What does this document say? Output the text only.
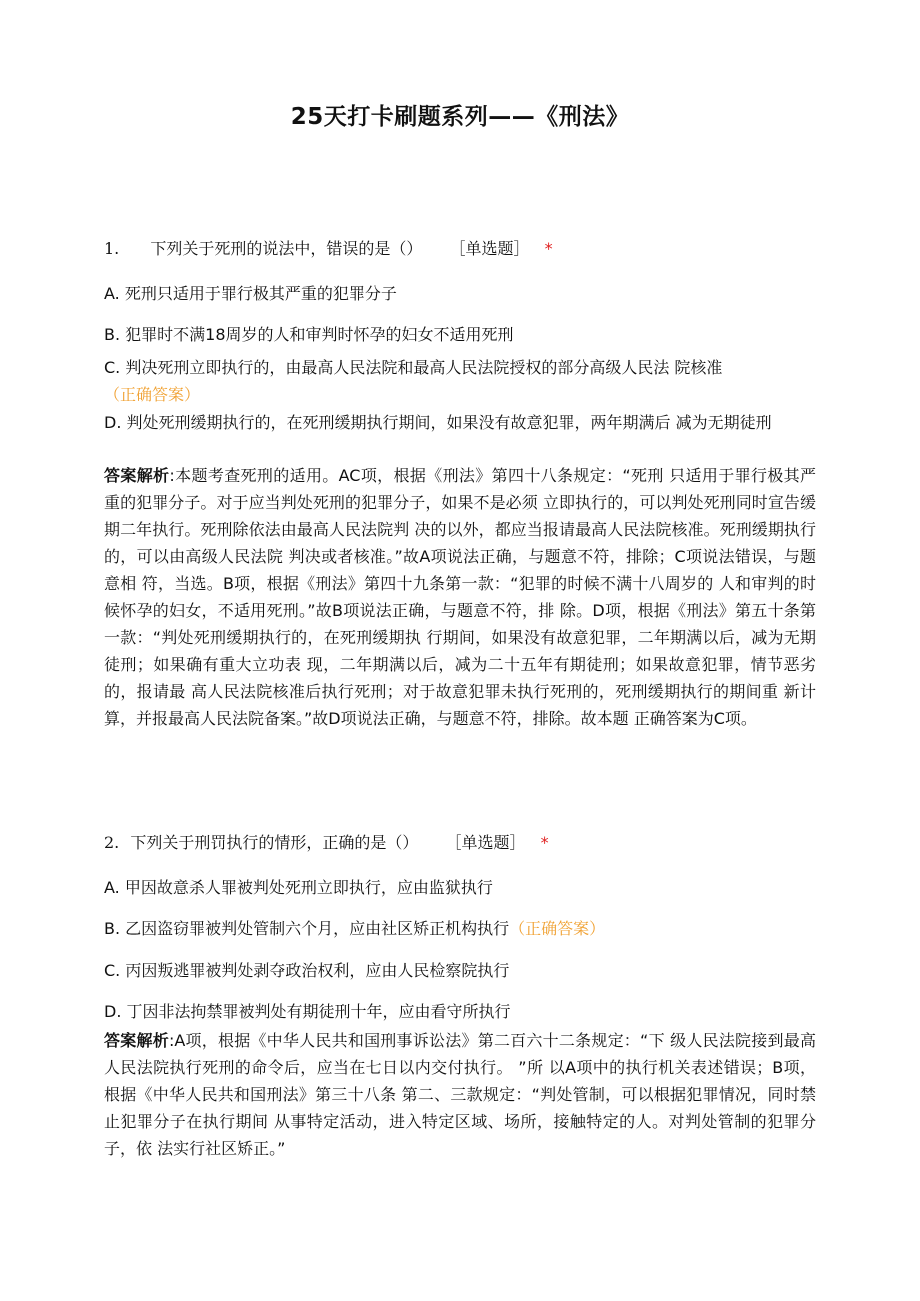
25天打卡刷题系列——《刑法》
1. 下列关于死刑的说法中，错误的是（） ［单选题］ *
A. 死刑只适用于罪行极其严重的犯罪分子
B. 犯罪时不满18周岁的人和审判时怀孕的妇女不适用死刑
C. 判决死刑立即执行的，由最高人民法院和最高人民法院授权的部分高级人民法 院核准（正确答案）
D. 判处死刑缓期执行的，在死刑缓期执行期间，如果没有故意犯罪，两年期满后 减为无期徒刑
答案解析:本题考查死刑的适用。AC项，根据《刑法》第四十八条规定：“死刑 只适用于罪行极其严重的犯罪分子。对于应当判处死刑的犯罪分子，如果不是必须 立即执行的，可以判处死刑同时宣告缓期二年执行。死刑除依法由最高人民法院判 决的以外，都应当报请最高人民法院核准。死刑缓期执行的，可以由高级人民法院 判决或者核准。”故A项说法正确，与题意不符，排除；C项说法错误，与题意相 符，当选。B项，根据《刑法》第四十九条第一款：“犯罪的时候不满十八周岁的 人和审判的时候怀孕的妇女，不适用死刑。”故B项说法正确，与题意不符，排 除。D项，根据《刑法》第五十条第一款：“判处死刑缓期执行的，在死刑缓期执 行期间，如果没有故意犯罪，二年期满以后，减为无期徒刑；如果确有重大立功表 现，二年期满以后，减为二十五年有期徒刑；如果故意犯罪，情节恶劣的，报请最 高人民法院核准后执行死刑；对于故意犯罪未执行死刑的，死刑缓期执行的期间重 新计算，并报最高人民法院备案。”故D项说法正确，与题意不符，排除。故本题 正确答案为C项。
2. 下列关于刑罚执行的情形，正确的是（） ［单选题］ *
A. 甲因故意杀人罪被判处死刑立即执行，应由监狱执行
B. 乙因盗窃罪被判处管制六个月，应由社区矫正机构执行（正确答案）
C. 丙因叛逃罪被判处剥夺政治权利，应由人民检察院执行
D. 丁因非法拘禁罪被判处有期徒刑十年，应由看守所执行
答案解析:A项，根据《中华人民共和国刑事诉讼法》第二百六十二条规定：“下 级人民法院接到最高人民法院执行死刑的命令后，应当在七日以内交付执行。 ”所 以A项中的执行机关表述错误；B项，根据《中华人民共和国刑法》第三十八条 第二、三款规定：“判处管制，可以根据犯罪情况，同时禁止犯罪分子在执行期间 从事特定活动，进入特定区域、场所，接触特定的人。对判处管制的犯罪分子，依 法实行社区矫正。”
